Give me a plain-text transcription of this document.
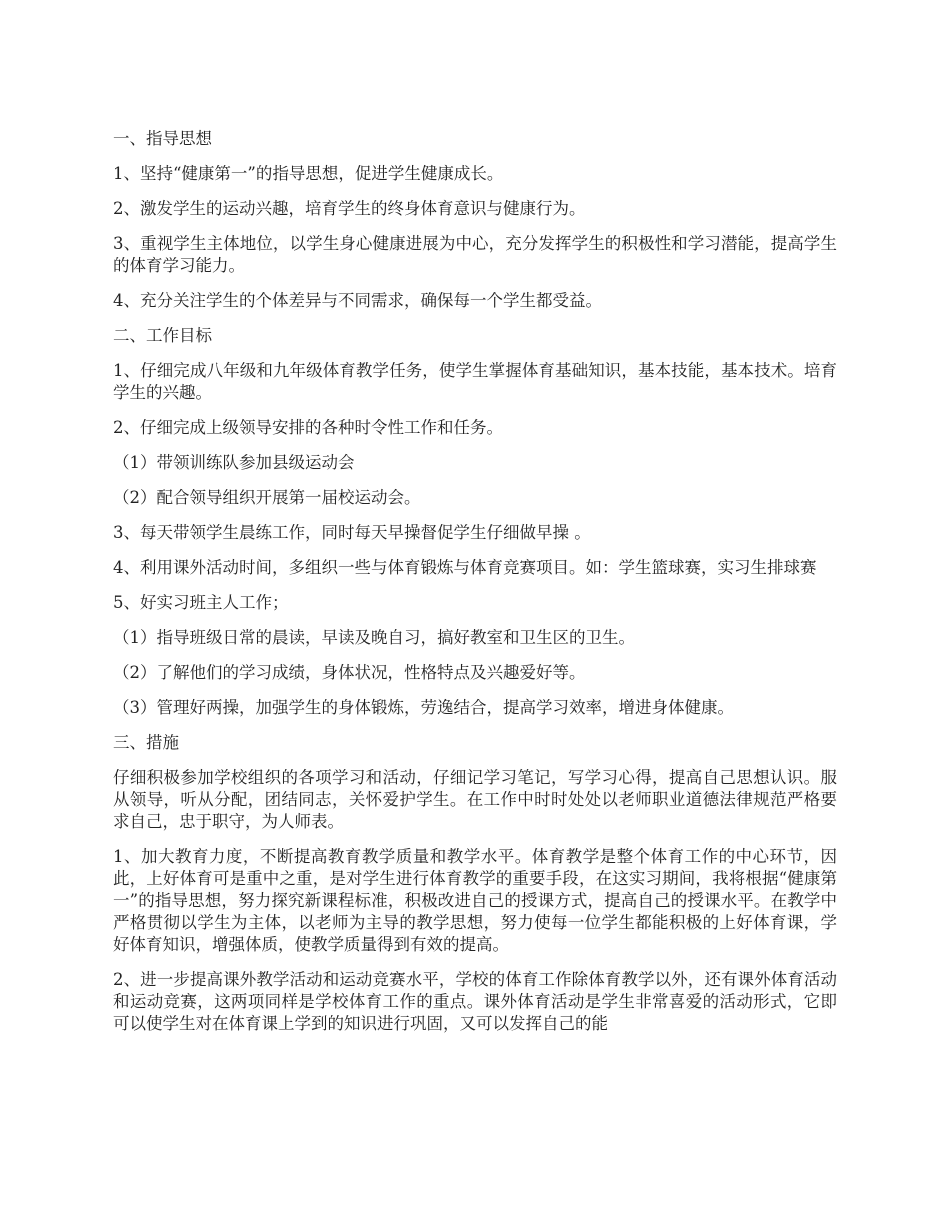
一、指导思想

1、坚持“健康第一”的指导思想，促进学生健康成长。

2、激发学生的运动兴趣，培育学生的终身体育意识与健康行为。

3、重视学生主体地位，以学生身心健康进展为中心，充分发挥学生的积极性和学习潜能，提高学生的体育学习能力。

4、充分关注学生的个体差异与不同需求，确保每一个学生都受益。

二、工作目标

1、仔细完成八年级和九年级体育教学任务，使学生掌握体育基础知识，基本技能，基本技术。培育学生的兴趣。

2、仔细完成上级领导安排的各种时令性工作和任务。

（1）带领训练队参加县级运动会

（2）配合领导组织开展第一届校运动会。

3、每天带领学生晨练工作，同时每天早操督促学生仔细做早操 。

4、利用课外活动时间，多组织一些与体育锻炼与体育竞赛项目。如：学生篮球赛，实习生排球赛

5、好实习班主人工作；

（1）指导班级日常的晨读，早读及晚自习，搞好教室和卫生区的卫生。

（2）了解他们的学习成绩，身体状况，性格特点及兴趣爱好等。

（3）管理好两操，加强学生的身体锻炼，劳逸结合，提高学习效率，增进身体健康。

三、措施

仔细积极参加学校组织的各项学习和活动，仔细记学习笔记，写学习心得，提高自己思想认识。服从领导，听从分配，团结同志，关怀爱护学生。在工作中时时处处以老师职业道德法律规范严格要求自己，忠于职守，为人师表。

1、加大教育力度，不断提高教育教学质量和教学水平。体育教学是整个体育工作的中心环节，因此，上好体育可是重中之重，是对学生进行体育教学的重要手段，在这实习期间，我将根据“健康第一”的指导思想，努力探究新课程标准，积极改进自己的授课方式，提高自己的授课水平。在教学中严格贯彻以学生为主体，以老师为主导的教学思想，努力使每一位学生都能积极的上好体育课，学好体育知识，增强体质，使教学质量得到有效的提高。

2、进一步提高课外教学活动和运动竞赛水平，学校的体育工作除体育教学以外，还有课外体育活动和运动竞赛，这两项同样是学校体育工作的重点。课外体育活动是学生非常喜爱的活动形式，它即可以使学生对在体育课上学到的知识进行巩固，又可以发挥自己的能
